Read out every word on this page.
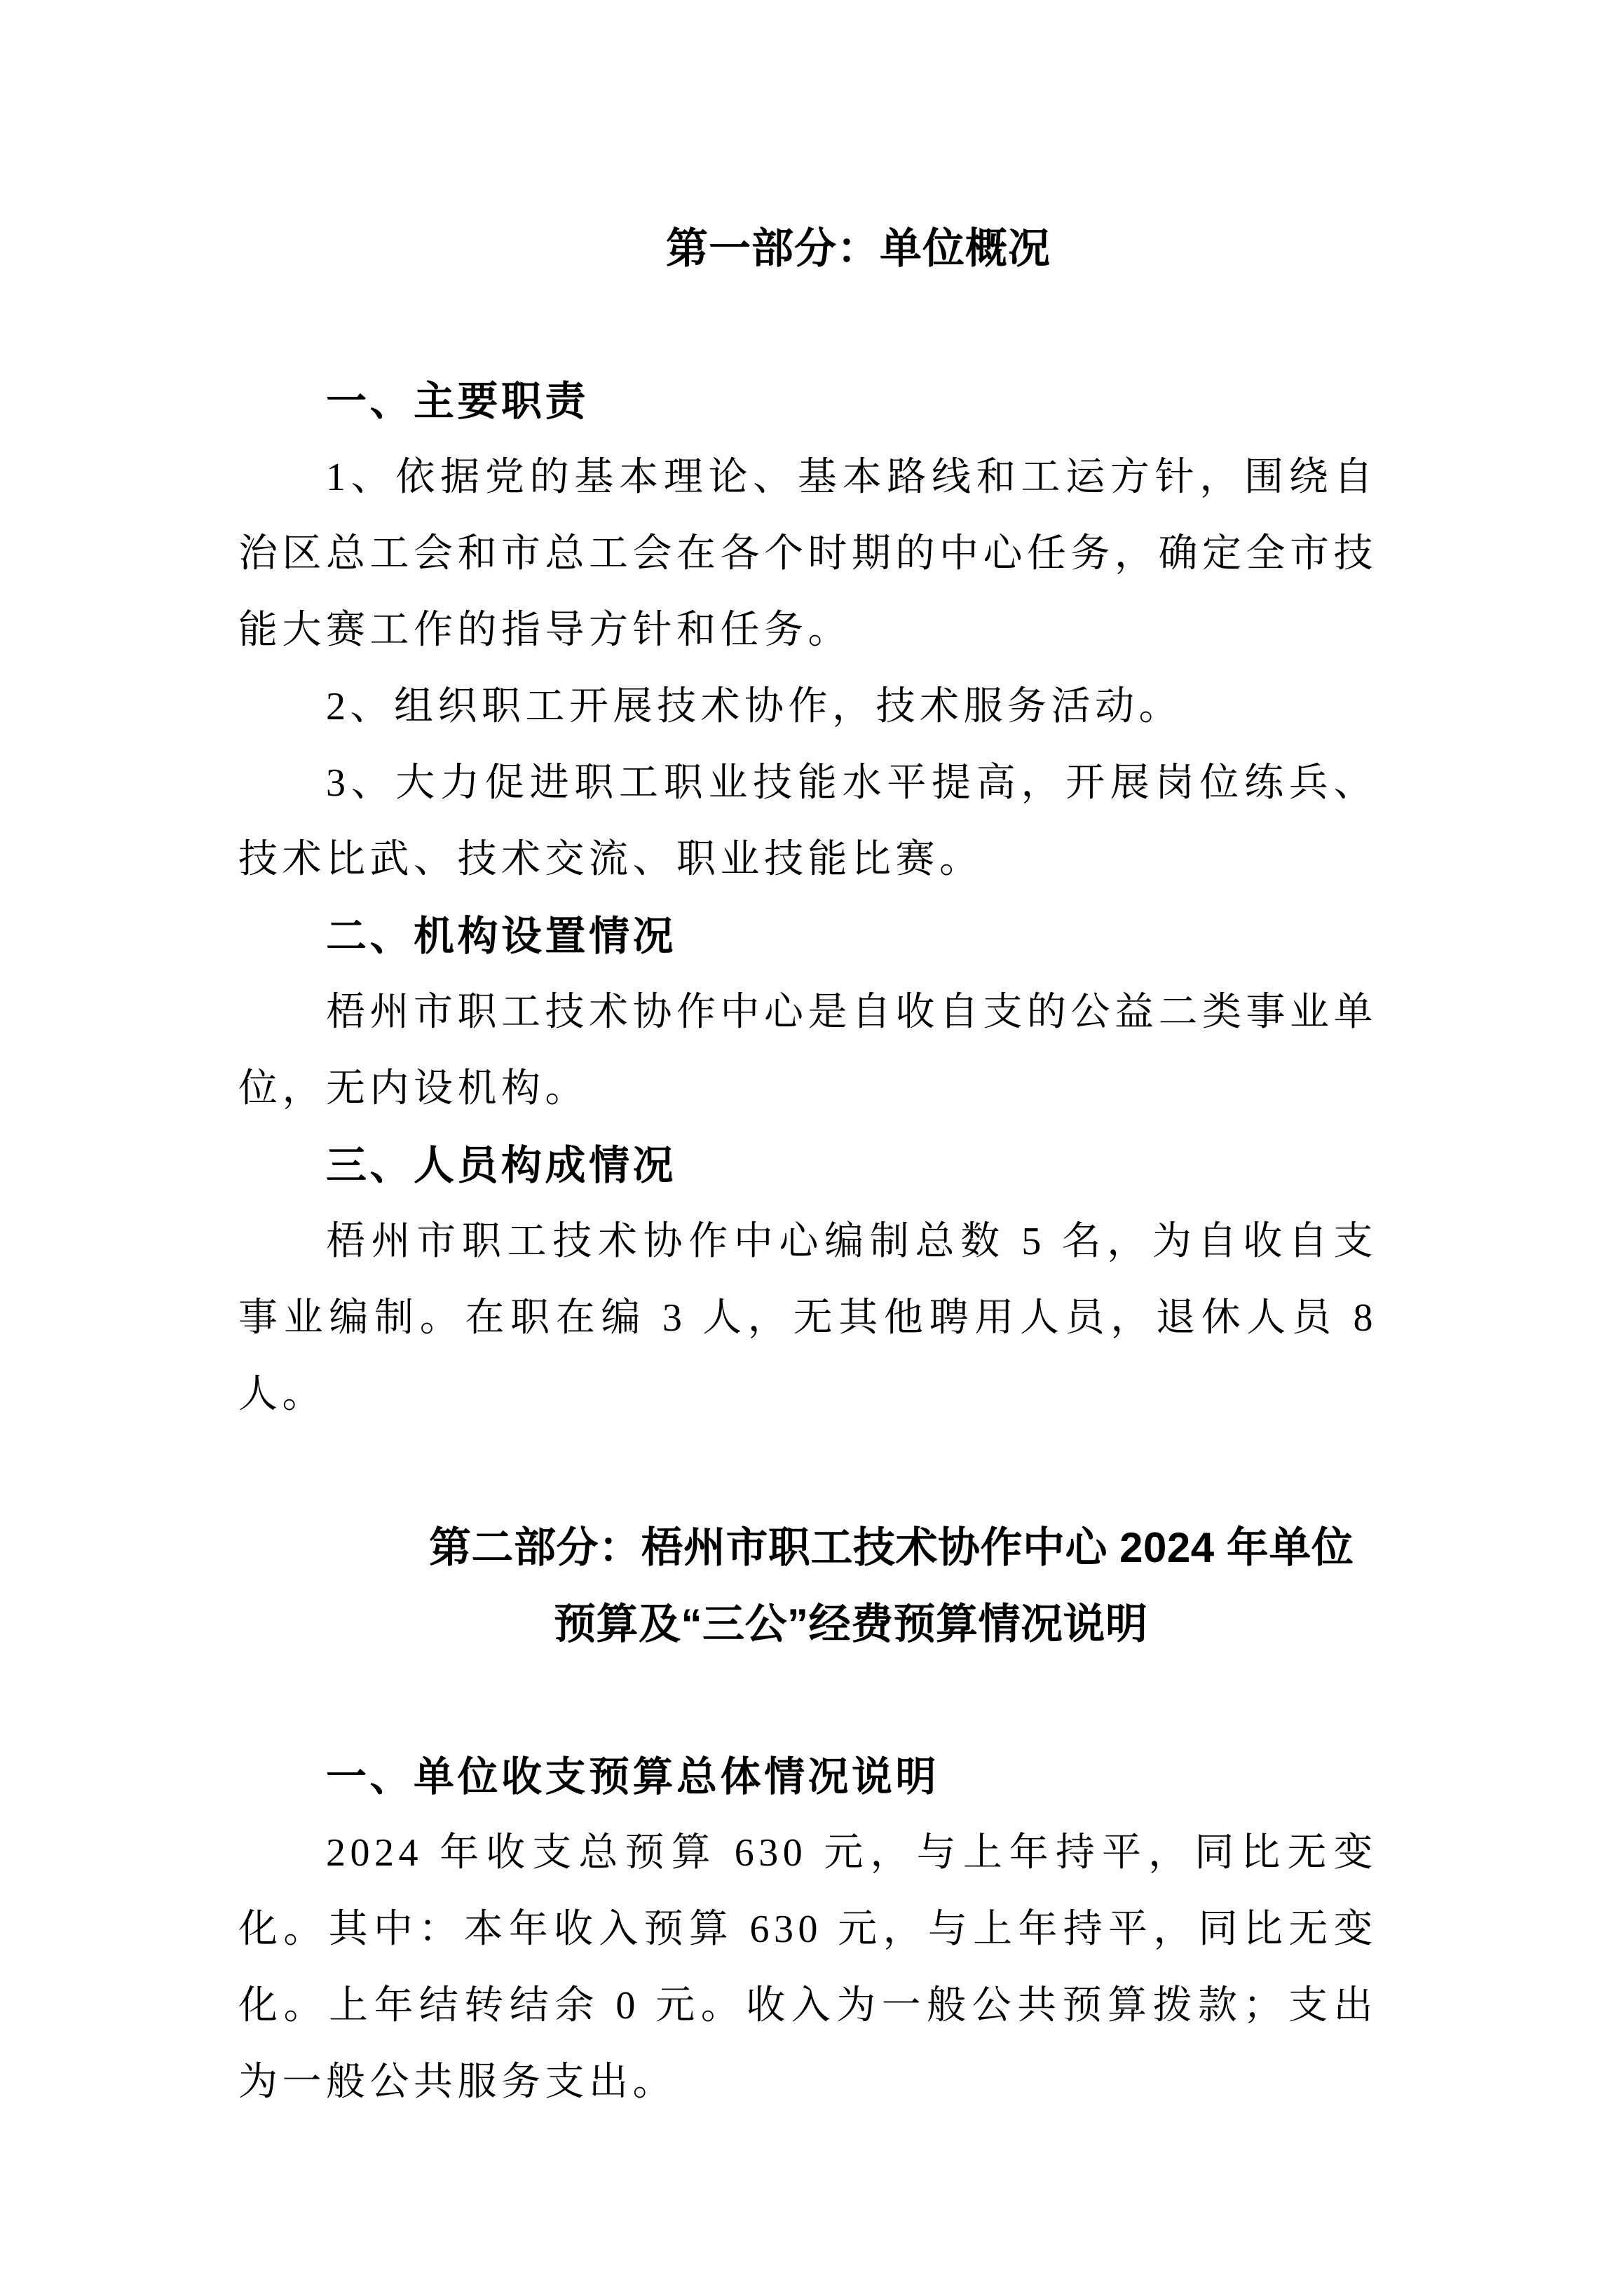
第一部分：单位概况
一、主要职责

1、依据党的基本理论、基本路线和工运方针，围绕自治区总工会和市总工会在各个时期的中心任务，确定全市技能大赛工作的指导方针和任务。

2、组织职工开展技术协作，技术服务活动。

3、大力促进职工职业技能水平提高，开展岗位练兵、技术比武、技术交流、职业技能比赛。

二、机构设置情况

梧州市职工技术协作中心是自收自支的公益二类事业单位，无内设机构。

三、人员构成情况

梧州市职工技术协作中心编制总数 5 名，为自收自支事业编制。在职在编 3 人，无其他聘用人员，退休人员 8 人。

第二部分：梧州市职工技术协作中心 2024 年单位
预算及“三公”经费预算情况说明
一、单位收支预算总体情况说明

2024 年收支总预算 630 元，与上年持平，同比无变化。其中：本年收入预算 630 元，与上年持平，同比无变化。上年结转结余 0 元。收入为一般公共预算拨款；支出为一般公共服务支出。
